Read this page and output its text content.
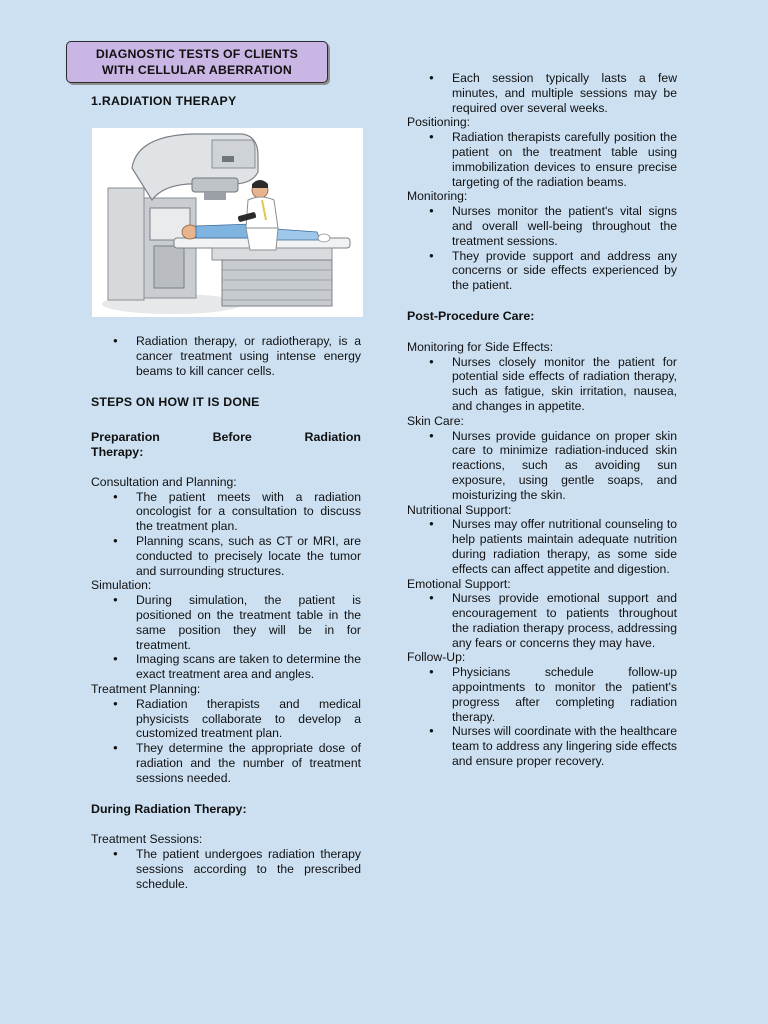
DIAGNOSTIC TESTS OF CLIENTS
WITH CELLULAR ABERRATION
1.RADIATION THERAPY
● Radiation therapy, or radiotherapy, is a cancer treatment using intense energy beams to kill cancer cells.
STEPS ON HOW IT IS DONE
Preparation	Before	Radiation
Therapy:
Consultation and Planning:
● The patient meets with a radiation oncologist for a consultation to discuss the treatment plan.
● Planning scans, such as CT or MRI, are conducted to precisely locate the tumor and surrounding structures.
Simulation:
● During simulation, the patient is positioned on the treatment table in the same position they will be in for treatment.
● Imaging scans are taken to determine the exact treatment area and angles.
Treatment Planning:
● Radiation therapists and medical physicists collaborate to develop a customized treatment plan.
● They determine the appropriate dose of radiation and the number of treatment sessions needed.
During Radiation Therapy:
Treatment Sessions:
● The patient undergoes radiation therapy sessions according to the prescribed schedule.
● Each session typically lasts a few minutes, and multiple sessions may be required over several weeks.
Positioning:
● Radiation therapists carefully position the patient on the treatment table using immobilization devices to ensure precise targeting of the radiation beams.
Monitoring:
● Nurses monitor the patient's vital signs and overall well-being throughout the treatment sessions.
● They provide support and address any concerns or side effects experienced by the patient.
Post-Procedure Care:
Monitoring for Side Effects:
● Nurses closely monitor the patient for potential side effects of radiation therapy, such as fatigue, skin irritation, nausea, and changes in appetite.
Skin Care:
● Nurses provide guidance on proper skin care to minimize radiation-induced skin reactions, such as avoiding sun exposure, using gentle soaps, and moisturizing the skin.
Nutritional Support:
● Nurses may offer nutritional counseling to help patients maintain adequate nutrition during radiation therapy, as some side effects can affect appetite and digestion.
Emotional Support:
● Nurses provide emotional support and encouragement to patients throughout the radiation therapy process, addressing any fears or concerns they may have.
Follow-Up:
● Physicians schedule follow-up appointments to monitor the patient's progress after completing radiation therapy.
● Nurses will coordinate with the healthcare team to address any lingering side effects and ensure proper recovery.
